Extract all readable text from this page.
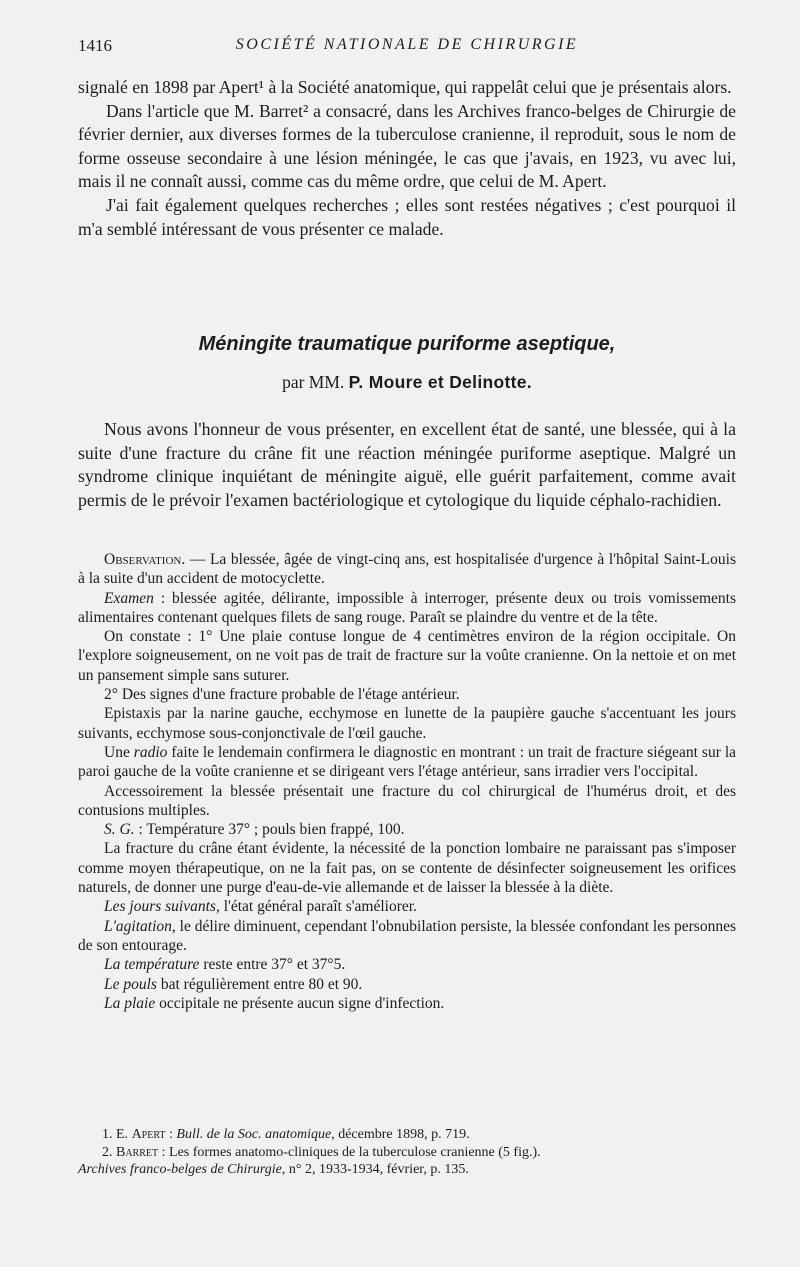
1416	SOCIÉTÉ NATIONALE DE CHIRURGIE

signalé en 1898 par Apert¹ à la Société anatomique, qui rappelât celui que je présentais alors.

Dans l'article que M. Barret² a consacré, dans les Archives franco-belges de Chirurgie de février dernier, aux diverses formes de la tuberculose cranienne, il reproduit, sous le nom de forme osseuse secondaire à une lésion méningée, le cas que j'avais, en 1923, vu avec lui, mais il ne connaît aussi, comme cas du même ordre, que celui de M. Apert.

J'ai fait également quelques recherches ; elles sont restées négatives ; c'est pourquoi il m'a semblé intéressant de vous présenter ce malade.

Méningite traumatique puriforme aseptique,
par MM. P. Moure et Delinotte.

Nous avons l'honneur de vous présenter, en excellent état de santé, une blessée, qui à la suite d'une fracture du crâne fit une réaction méningée puriforme aseptique. Malgré un syndrome clinique inquiétant de méningite aiguë, elle guérit parfaitement, comme avait permis de le prévoir l'examen bactériologique et cytologique du liquide céphalo-rachidien.

Observation. — La blessée, âgée de vingt-cinq ans, est hospitalisée d'urgence à l'hôpital Saint-Louis à la suite d'un accident de motocyclette.

Examen : blessée agitée, délirante, impossible à interroger, présente deux ou trois vomissements alimentaires contenant quelques filets de sang rouge. Paraît se plaindre du ventre et de la tête.

On constate : 1° Une plaie contuse longue de 4 centimètres environ de la région occipitale. On l'explore soigneusement, on ne voit pas de trait de fracture sur la voûte cranienne. On la nettoie et on met un pansement simple sans suturer.

2° Des signes d'une fracture probable de l'étage antérieur.

Epistaxis par la narine gauche, ecchymose en lunette de la paupière gauche s'accentuant les jours suivants, ecchymose sous-conjonctivale de l'œil gauche.

Une radio faite le lendemain confirmera le diagnostic en montrant : un trait de fracture siégeant sur la paroi gauche de la voûte cranienne et se dirigeant vers l'étage antérieur, sans irradier vers l'occipital.

Accessoirement la blessée présentait une fracture du col chirurgical de l'humérus droit, et des contusions multiples.

S. G. : Température 37° ; pouls bien frappé, 100.

La fracture du crâne étant évidente, la nécessité de la ponction lombaire ne paraissant pas s'imposer comme moyen thérapeutique, on ne la fait pas, on se contente de désinfecter soigneusement les orifices naturels, de donner une purge d'eau-de-vie allemande et de laisser la blessée à la diète.

Les jours suivants, l'état général paraît s'améliorer.

L'agitation, le délire diminuent, cependant l'obnubilation persiste, la blessée confondant les personnes de son entourage.

La température reste entre 37° et 37°5.

Le pouls bat régulièrement entre 80 et 90.

La plaie occipitale ne présente aucun signe d'infection.

1. E. Apert : Bull. de la Soc. anatomique, décembre 1898, p. 719.

2. Barret : Les formes anatomo-cliniques de la tuberculose cranienne (5 fig.).

Archives franco-belges de Chirurgie, n° 2, 1933-1934, février, p. 135.
